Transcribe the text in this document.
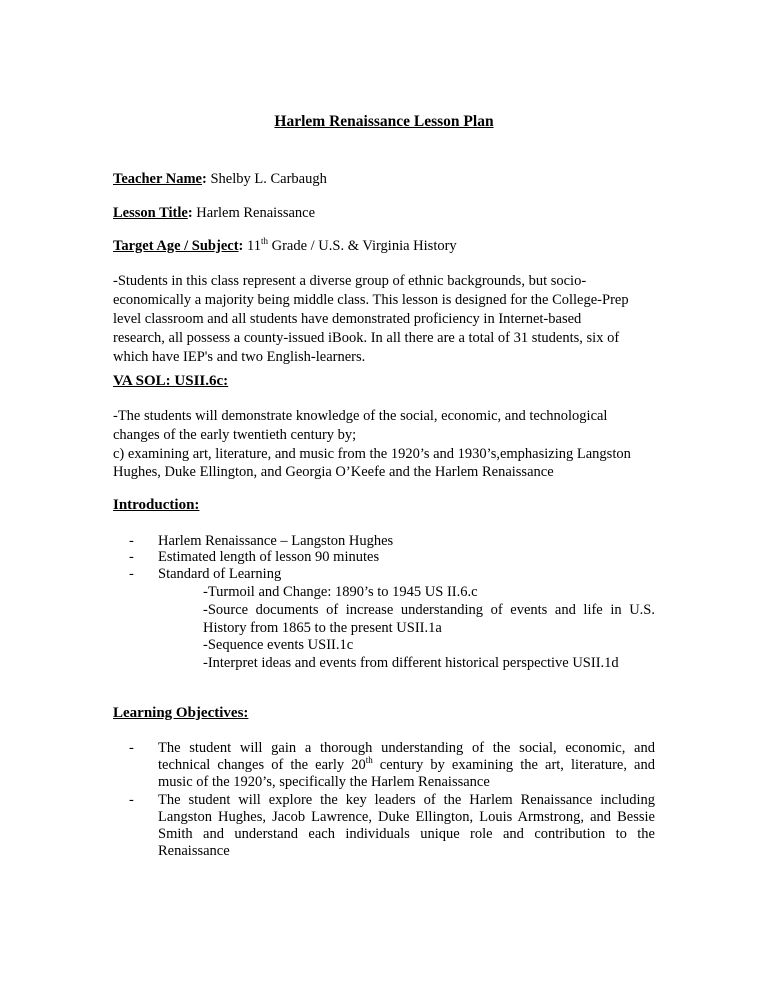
Harlem Renaissance Lesson Plan
Teacher Name: Shelby L. Carbaugh
Lesson Title: Harlem Renaissance
Target Age / Subject: 11th Grade / U.S. & Virginia History
-Students in this class represent a diverse group of ethnic backgrounds, but socio-
economically a majority being middle class. This lesson is designed for the College-Prep
level classroom and all students have demonstrated proficiency in Internet-based
research, all possess a county-issued iBook. In all there are a total of 31 students, six of
which have IEP's and two English-learners.
VA SOL: USII.6c:
-The students will demonstrate knowledge of the social, economic, and technological
changes of the early twentieth century by;
c) examining art, literature, and music from the 1920’s and 1930’s,emphasizing Langston
Hughes, Duke Ellington, and Georgia O’Keefe and the Harlem Renaissance
Introduction:
- Harlem Renaissance – Langston Hughes
- Estimated length of lesson 90 minutes
- Standard of Learning
-Turmoil and Change: 1890’s to 1945 US II.6.c
-Source documents of increase understanding of events and life in U.S.
History from 1865 to the present USII.1a
-Sequence events USII.1c
-Interpret ideas and events from different historical perspective USII.1d
Learning Objectives:
- The student will gain a thorough understanding of the social, economic, and
technical changes of the early 20th century by examining the art, literature, and
music of the 1920’s, specifically the Harlem Renaissance
- The student will explore the key leaders of the Harlem Renaissance including
Langston Hughes, Jacob Lawrence, Duke Ellington, Louis Armstrong, and Bessie
Smith and understand each individuals unique role and contribution to the
Renaissance
